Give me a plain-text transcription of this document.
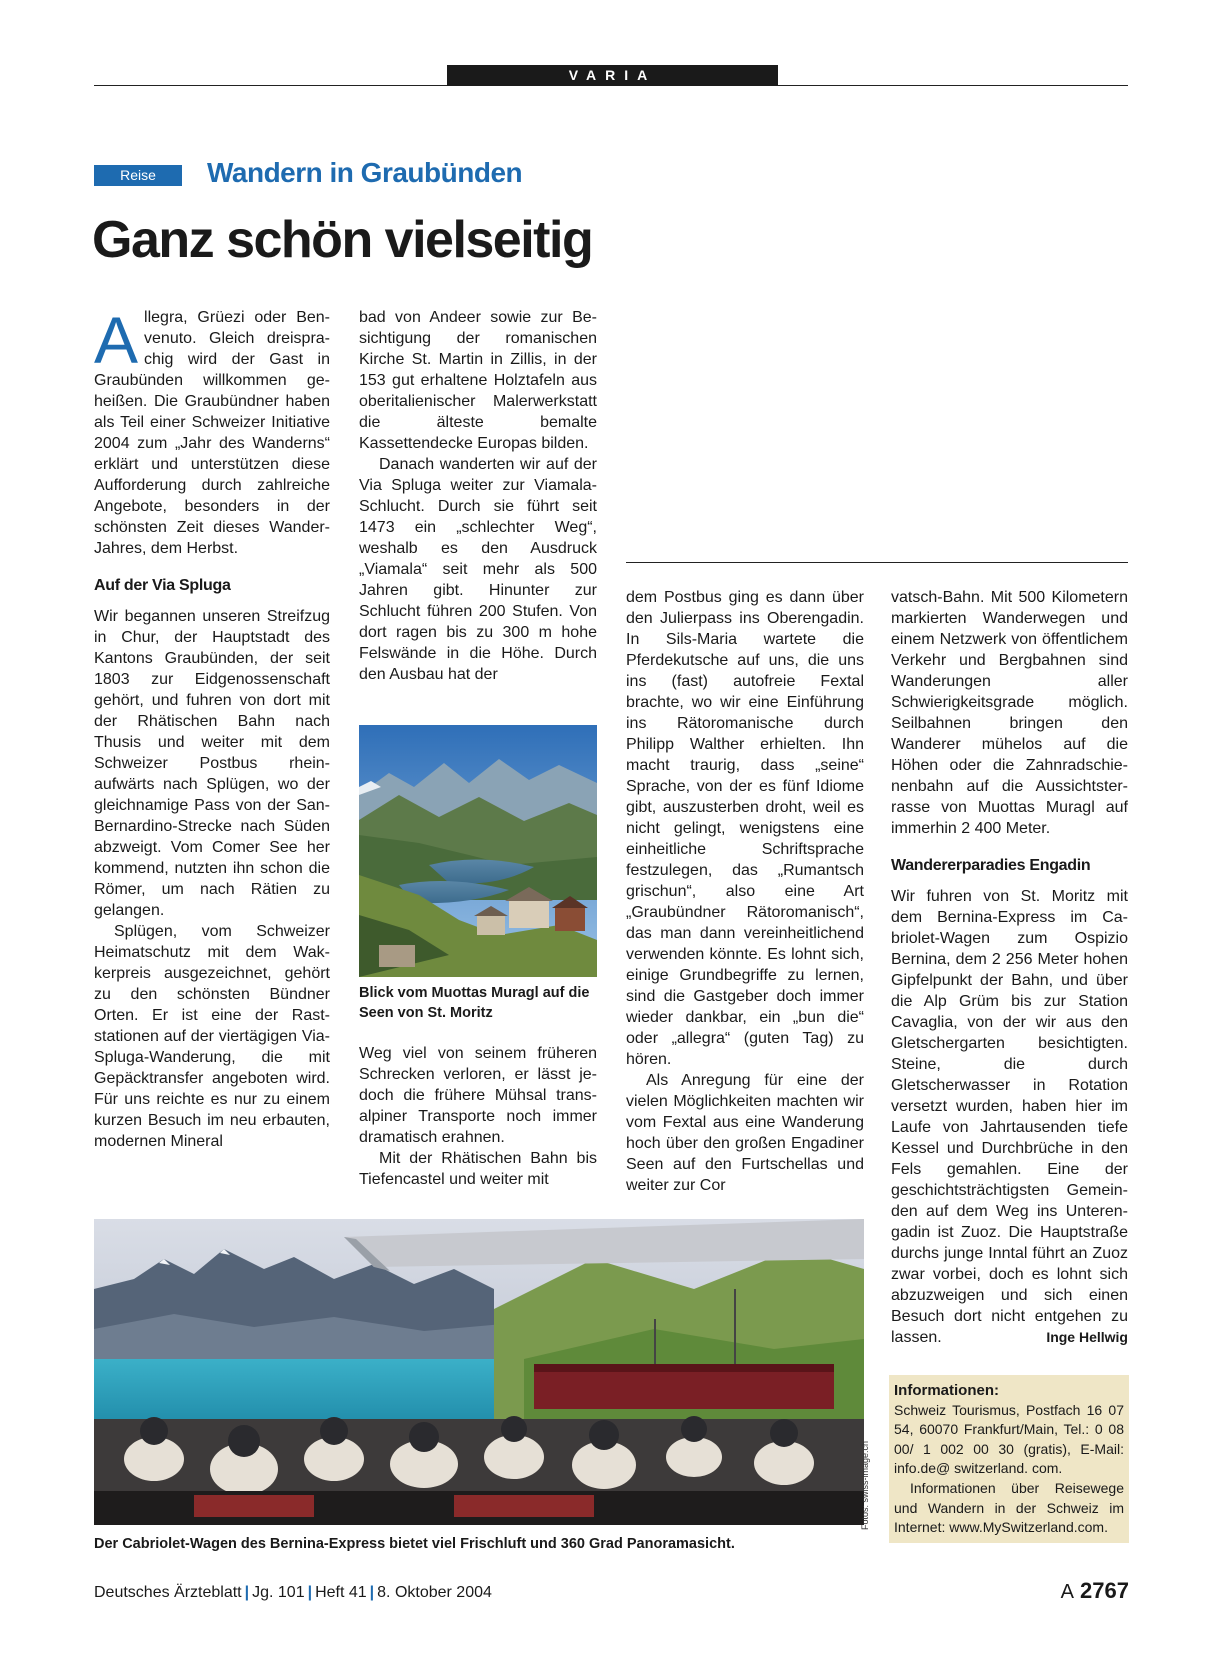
VARIA
Reise	Wandern in Graubünden
Ganz schön vielseitig

Allegra, Grüezi oder Benvenuto. Gleich dreisprachig wird der Gast in Graubünden willkommen geheißen. Die Graubündner haben als Teil einer Schweizer Initiative 2004 zum „Jahr des Wanderns“ erklärt und unterstützen diese Aufforderung durch zahlreiche Angebote, besonders in der schönsten Zeit dieses Wander-Jahres, dem Herbst.

Auf der Via Spluga

Wir begannen unseren Streifzug in Chur, der Hauptstadt des Kantons Graubünden, der seit 1803 zur Eidgenossenschaft gehört, und fuhren von dort mit der Rhätischen Bahn nach Thusis und weiter mit dem Schweizer Postbus rheinaufwärts nach Splügen, wo der gleichnamige Pass von der San-Bernardino-Strecke nach Süden abzweigt. Vom Comer See her kommend, nutzten ihn schon die Römer, um nach Rätien zu gelangen.

Splügen, vom Schweizer Heimatschutz mit dem Wakkerpreis ausgezeichnet, gehört zu den schönsten Bündner Orten. Er ist eine der Raststationen auf der viertägigen Via-Spluga-Wanderung, die mit Gepäcktransfer angeboten wird. Für uns reichte es nur zu einem kurzen Besuch im neu erbauten, modernen Mineral

bad von Andeer sowie zur Besichtigung der romanischen Kirche St. Martin in Zillis, in der 153 gut erhaltene Holztafeln aus oberitalienischer Malerwerkstatt die älteste bemalte Kassettendecke Europas bilden.

Danach wanderten wir auf der Via Spluga weiter zur Viamala-Schlucht. Durch sie führt seit 1473 ein „schlechter Weg“, weshalb es den Ausdruck „Viamala“ seit mehr als 500 Jahren gibt. Hinunter zur Schlucht führen 200 Stufen. Von dort ragen bis zu 300 m hohe Felswände in die Höhe. Durch den Ausbau hat der

Blick vom Muottas Muragl auf die Seen von St. Moritz

Weg viel von seinem früheren Schrecken verloren, er lässt jedoch die frühere Mühsal transalpiner Transporte noch immer dramatisch erahnen.

Mit der Rhätischen Bahn bis Tiefencastel und weiter mit

dem Postbus ging es dann über den Julierpass ins Oberengadin. In Sils-Maria wartete die Pferdekutsche auf uns, die uns ins (fast) autofreie Fextal brachte, wo wir eine Einführung ins Rätoromanische durch Philipp Walther erhielten. Ihn macht traurig, dass „seine“ Sprache, von der es fünf Idiome gibt, auszusterben droht, weil es nicht gelingt, wenigstens eine einheitliche Schriftsprache festzulegen, das „Rumantsch grischun“, also eine Art „Graubündner Rätoromanisch“, das man dann vereinheitlichend verwenden könnte. Es lohnt sich, einige Grundbegriffe zu lernen, sind die Gastgeber doch immer wieder dankbar, ein „bun die“ oder „allegra“ (guten Tag) zu hören.

Als Anregung für eine der vielen Möglichkeiten machten wir vom Fextal aus eine Wanderung hoch über den großen Engadiner Seen auf den Furtschellas und weiter zur Cor

vatsch-Bahn. Mit 500 Kilometern markierten Wanderwegen und einem Netzwerk von öffentlichem Verkehr und Bergbahnen sind Wanderungen aller Schwierigkeitsgrade möglich. Seilbahnen bringen den Wanderer mühelos auf die Höhen oder die Zahnradschienenbahn auf die Aussichtsterrasse von Muottas Muragl auf immerhin 2 400 Meter.

Wandererparadies Engadin

Wir fuhren von St. Moritz mit dem Bernina-Express im Cabriolet-Wagen zum Ospizio Bernina, dem 2 256 Meter hohen Gipfelpunkt der Bahn, und über die Alp Grüm bis zur Station Cavaglia, von der wir aus den Gletschergarten besichtigten. Steine, die durch Gletscherwasser in Rotation versetzt wurden, haben hier im Laufe von Jahrtausenden tiefe Kessel und Durchbrüche in den Fels gemahlen. Eine der geschichtsträchtigsten Gemeinden auf dem Weg ins Unterengadin ist Zuoz. Die Hauptstraße durchs junge Inntal führt an Zuoz zwar vorbei, doch es lohnt sich abzuzweigen und sich einen Besuch dort nicht entgehen zu lassen.	Inge Hellwig
Informationen:
Schweiz Tourismus, Postfach 16 07 54, 60070 Frankfurt/Main, Tel.: 0 08 00/ 1 002 00 30 (gratis), E-Mail: info.de@ switzerland. com.
Informationen über Reisewege und Wandern in der Schweiz im Internet: www.MySwitzerland.com.
Fotos: swiss-image.ch
Der Cabriolet-Wagen des Bernina-Express bietet viel Frischluft und 360 Grad Panoramasicht.
Deutsches Ärzteblatt | Jg. 101 | Heft 41 | 8. Oktober 2004	A 2767
